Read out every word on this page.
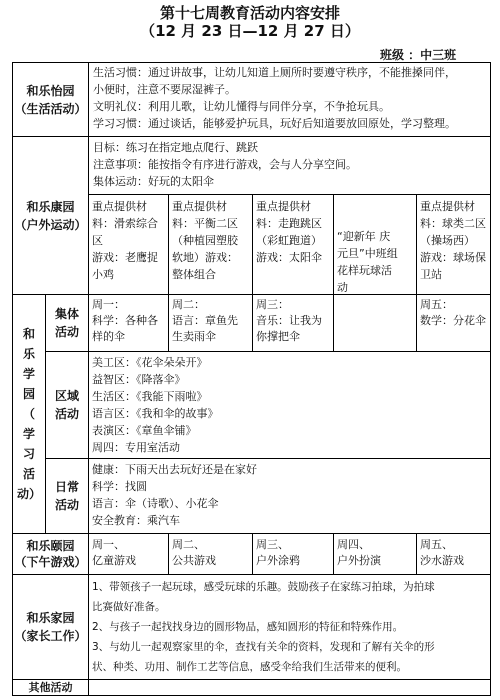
第十七周教育活动内容安排
（12 月 23 日—12 月 27 日）
班级 ：中三班
和乐怡园
（生活活动）

生活习惯：通过讲故事，让幼儿知道上厕所时要遵守秩序，不能推搡同伴，

小便时，注意不要尿湿裤子。

文明礼仪：利用儿歌，让幼儿懂得与同伴分享，不争抢玩具。

学习习惯：通过谈话，能够爱护玩具，玩好后知道要放回原处，学习整理。

和乐康园
（户外运动）

目标：练习在指定地点爬行、跳跃

注意事项：能按指令有序进行游戏，会与人分享空间。

集体运动：好玩的太阳伞

重点提供材

料：滑索综合

区

游戏：老鹰捉

小鸡

重点提供材

料：平衡二区

（种植园塑胶

软地）游戏：

整体组合

重点提供材

料：走跑跳区

（彩虹跑道）

游戏：太阳伞

“迎新年 庆

元旦”中班组

花样玩球活

动

重点提供材

料：球类二区

（操场西）

游戏：球场保

卫站

和
乐
学
园
（
学
习
活
动）
集体
活动

周一：

科学：各种各

样的伞

周二：

语言：章鱼先

生卖雨伞

周三：

音乐：让我为

你撑把伞

周五：

数学：分花伞

区域
活动

美工区：《花伞朵朵开》

益智区：《降落伞》

生活区：《我能下雨啦》

语言区：《我和伞的故事》

表演区：《章鱼伞铺》

周四：专用室活动

日常
活动

健康：下雨天出去玩好还是在家好

科学：找圆

语言：伞（诗歌）、小花伞

安全教育：乘汽车

和乐颐园
（下午游戏）

周一、

亿童游戏

周二、

公共游戏

周三、

户外涂鸦

周四、

户外扮演

周五、

沙水游戏

和乐家园
（家长工作）

1、带领孩子一起玩球，感受玩球的乐趣。鼓励孩子在家练习拍球，为拍球

比赛做好准备。

2、与孩子一起找找身边的圆形物品，感知圆形的特征和特殊作用。

3、与幼儿一起观察家里的伞，查找有关伞的资料，发现和了解有关伞的形

状、种类、功用、制作工艺等信息，感受伞给我们生活带来的便利。

其他活动
